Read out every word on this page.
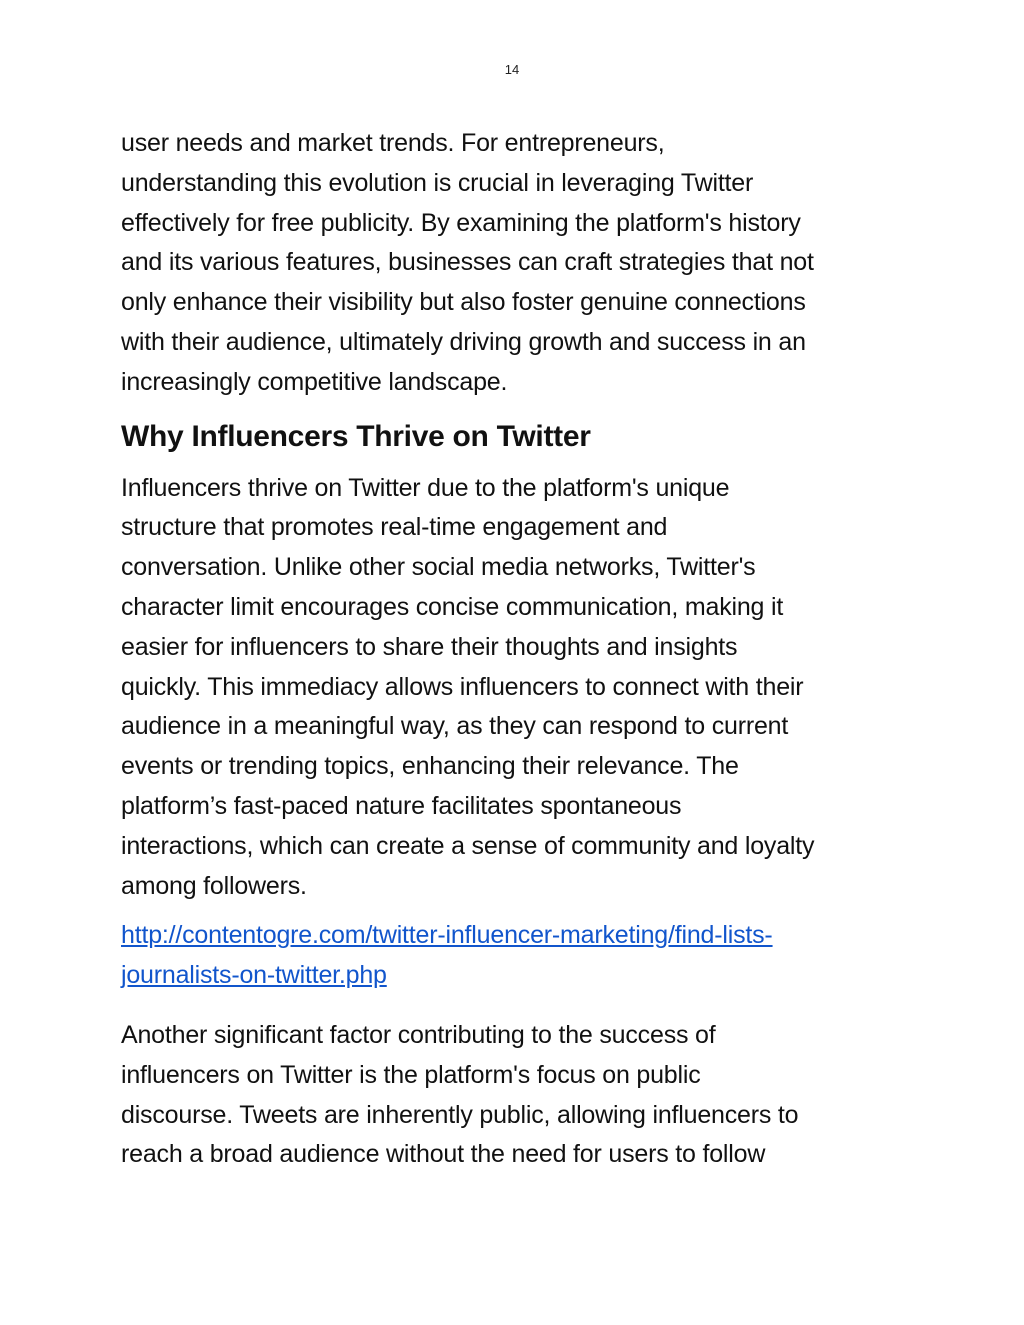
14
user needs and market trends. For entrepreneurs,
understanding this evolution is crucial in leveraging Twitter
effectively for free publicity. By examining the platform's history
and its various features, businesses can craft strategies that not
only enhance their visibility but also foster genuine connections
with their audience, ultimately driving growth and success in an
increasingly competitive landscape.
Why Influencers Thrive on Twitter
Influencers thrive on Twitter due to the platform's unique
structure that promotes real-time engagement and
conversation. Unlike other social media networks, Twitter's
character limit encourages concise communication, making it
easier for influencers to share their thoughts and insights
quickly. This immediacy allows influencers to connect with their
audience in a meaningful way, as they can respond to current
events or trending topics, enhancing their relevance. The
platform’s fast-paced nature facilitates spontaneous
interactions, which can create a sense of community and loyalty
among followers.
http://contentogre.com/twitter-influencer-marketing/find-lists-
journalists-on-twitter.php
Another significant factor contributing to the success of
influencers on Twitter is the platform's focus on public
discourse. Tweets are inherently public, allowing influencers to
reach a broad audience without the need for users to follow
